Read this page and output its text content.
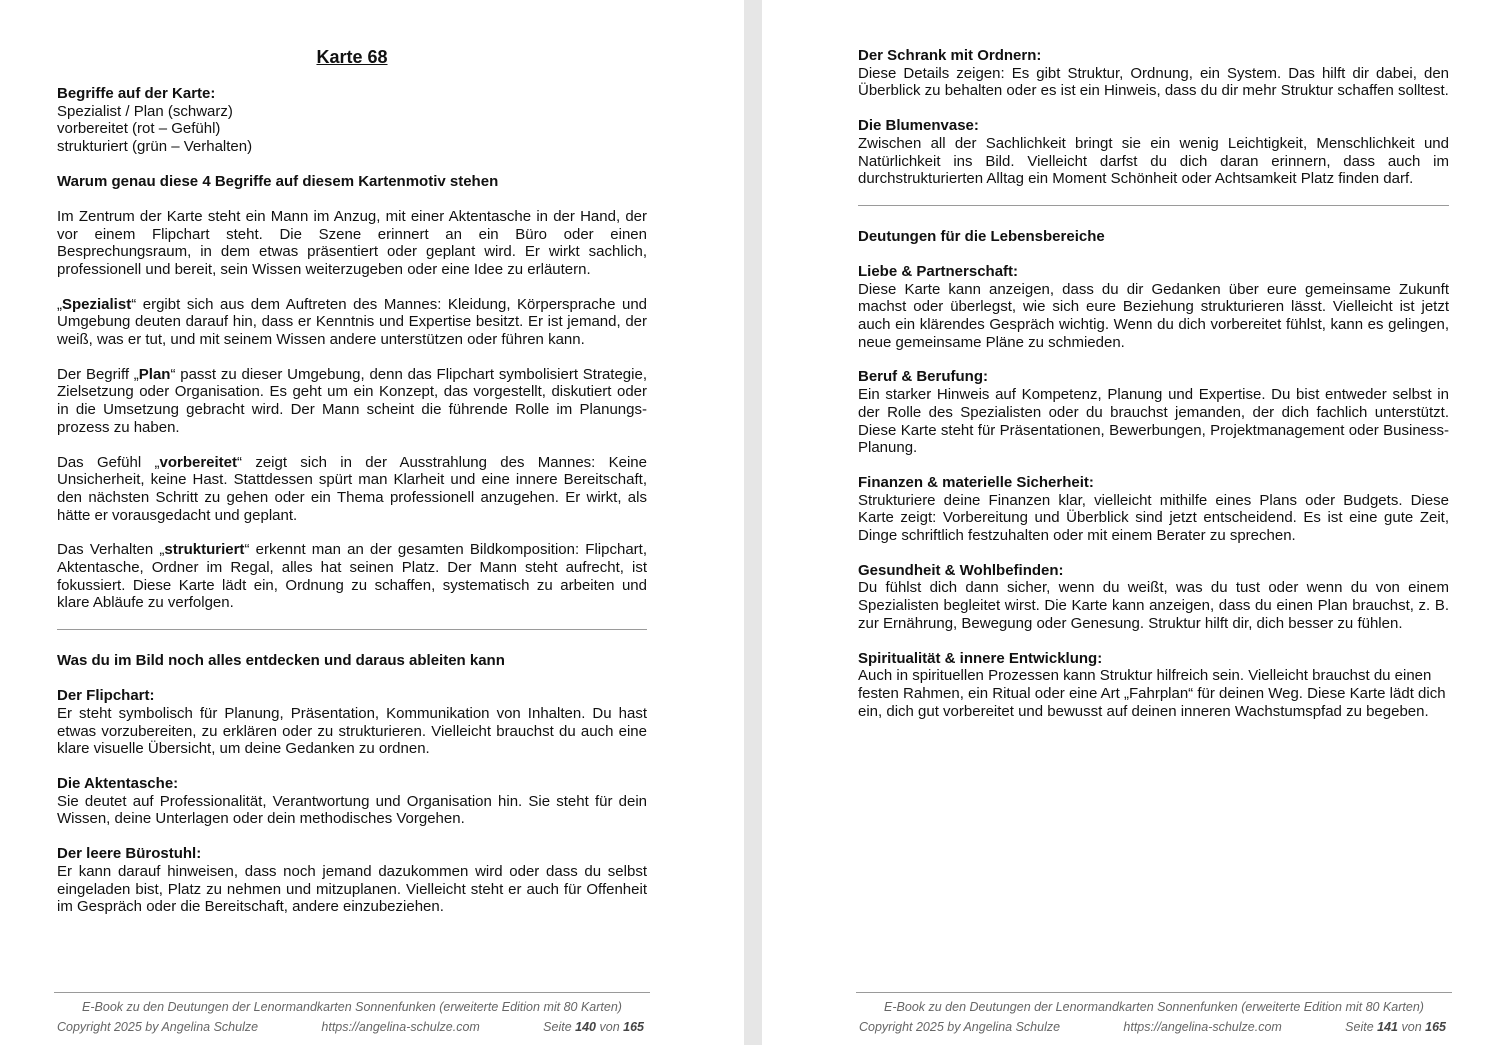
Karte 68
Begriffe auf der Karte:
Spezialist / Plan (schwarz)
vorbereitet (rot – Gefühl)
strukturiert (grün – Verhalten)
Warum genau diese 4 Begriffe auf diesem Kartenmotiv stehen

Im Zentrum der Karte steht ein Mann im Anzug, mit einer Aktentasche in der Hand, der vor einem Flipchart steht. Die Szene erinnert an ein Büro oder einen Besprechungsraum, in dem etwas präsentiert oder geplant wird. Er wirkt sachlich, professionell und bereit, sein Wissen weiterzugeben oder eine Idee zu erläutern.

„Spezialist“ ergibt sich aus dem Auftreten des Mannes: Kleidung, Körpersprache und Umgebung deuten darauf hin, dass er Kenntnis und Expertise besitzt. Er ist jemand, der weiß, was er tut, und mit seinem Wissen andere unterstützen oder führen kann.

Der Begriff „Plan“ passt zu dieser Umgebung, denn das Flipchart symbolisiert Strategie, Zielsetzung oder Organisation. Es geht um ein Konzept, das vorgestellt, diskutiert oder in die Umsetzung gebracht wird. Der Mann scheint die führende Rolle im Planungs-prozess zu haben.

Das Gefühl „vorbereitet“ zeigt sich in der Ausstrahlung des Mannes: Keine Unsicherheit, keine Hast. Stattdessen spürt man Klarheit und eine innere Bereitschaft, den nächsten Schritt zu gehen oder ein Thema professionell anzugehen. Er wirkt, als hätte er vorausgedacht und geplant.

Das Verhalten „strukturiert“ erkennt man an der gesamten Bildkomposition: Flipchart, Aktentasche, Ordner im Regal, alles hat seinen Platz. Der Mann steht aufrecht, ist fokussiert. Diese Karte lädt ein, Ordnung zu schaffen, systematisch zu arbeiten und klare Abläufe zu verfolgen.

Was du im Bild noch alles entdecken und daraus ableiten kann

Der Flipchart:
Er steht symbolisch für Planung, Präsentation, Kommunikation von Inhalten. Du hast etwas vorzubereiten, zu erklären oder zu strukturieren. Vielleicht brauchst du auch eine klare visuelle Übersicht, um deine Gedanken zu ordnen.

Die Aktentasche:
Sie deutet auf Professionalität, Verantwortung und Organisation hin. Sie steht für dein Wissen, deine Unterlagen oder dein methodisches Vorgehen.

Der leere Bürostuhl:
Er kann darauf hinweisen, dass noch jemand dazukommen wird oder dass du selbst eingeladen bist, Platz zu nehmen und mitzuplanen. Vielleicht steht er auch für Offenheit im Gespräch oder die Bereitschaft, andere einzubeziehen.

E-Book zu den Deutungen der Lenormandkarten Sonnenfunken (erweiterte Edition mit 80 Karten)
Copyright 2025 by Angelina Schulze	https://angelina-schulze.com	Seite 140 von 165

Der Schrank mit Ordnern:
Diese Details zeigen: Es gibt Struktur, Ordnung, ein System. Das hilft dir dabei, den Überblick zu behalten oder es ist ein Hinweis, dass du dir mehr Struktur schaffen solltest.

Die Blumenvase:
Zwischen all der Sachlichkeit bringt sie ein wenig Leichtigkeit, Menschlichkeit und Natürlichkeit ins Bild. Vielleicht darfst du dich daran erinnern, dass auch im durchstrukturierten Alltag ein Moment Schönheit oder Achtsamkeit Platz finden darf.

Deutungen für die Lebensbereiche

Liebe & Partnerschaft:
Diese Karte kann anzeigen, dass du dir Gedanken über eure gemeinsame Zukunft machst oder überlegst, wie sich eure Beziehung strukturieren lässt. Vielleicht ist jetzt auch ein klärendes Gespräch wichtig. Wenn du dich vorbereitet fühlst, kann es gelingen, neue gemeinsame Pläne zu schmieden.

Beruf & Berufung:
Ein starker Hinweis auf Kompetenz, Planung und Expertise. Du bist entweder selbst in der Rolle des Spezialisten oder du brauchst jemanden, der dich fachlich unterstützt. Diese Karte steht für Präsentationen, Bewerbungen, Projektmanagement oder Business-Planung.

Finanzen & materielle Sicherheit:
Strukturiere deine Finanzen klar, vielleicht mithilfe eines Plans oder Budgets. Diese Karte zeigt: Vorbereitung und Überblick sind jetzt entscheidend. Es ist eine gute Zeit, Dinge schriftlich festzuhalten oder mit einem Berater zu sprechen.

Gesundheit & Wohlbefinden:
Du fühlst dich dann sicher, wenn du weißt, was du tust oder wenn du von einem Spezialisten begleitet wirst. Die Karte kann anzeigen, dass du einen Plan brauchst, z. B. zur Ernährung, Bewegung oder Genesung. Struktur hilft dir, dich besser zu fühlen.

Spiritualität & innere Entwicklung:
Auch in spirituellen Prozessen kann Struktur hilfreich sein. Vielleicht brauchst du einen festen Rahmen, ein Ritual oder eine Art „Fahrplan“ für deinen Weg. Diese Karte lädt dich ein, dich gut vorbereitet und bewusst auf deinen inneren Wachstumspfad zu begeben.

E-Book zu den Deutungen der Lenormandkarten Sonnenfunken (erweiterte Edition mit 80 Karten)
Copyright 2025 by Angelina Schulze	https://angelina-schulze.com	Seite 141 von 165
